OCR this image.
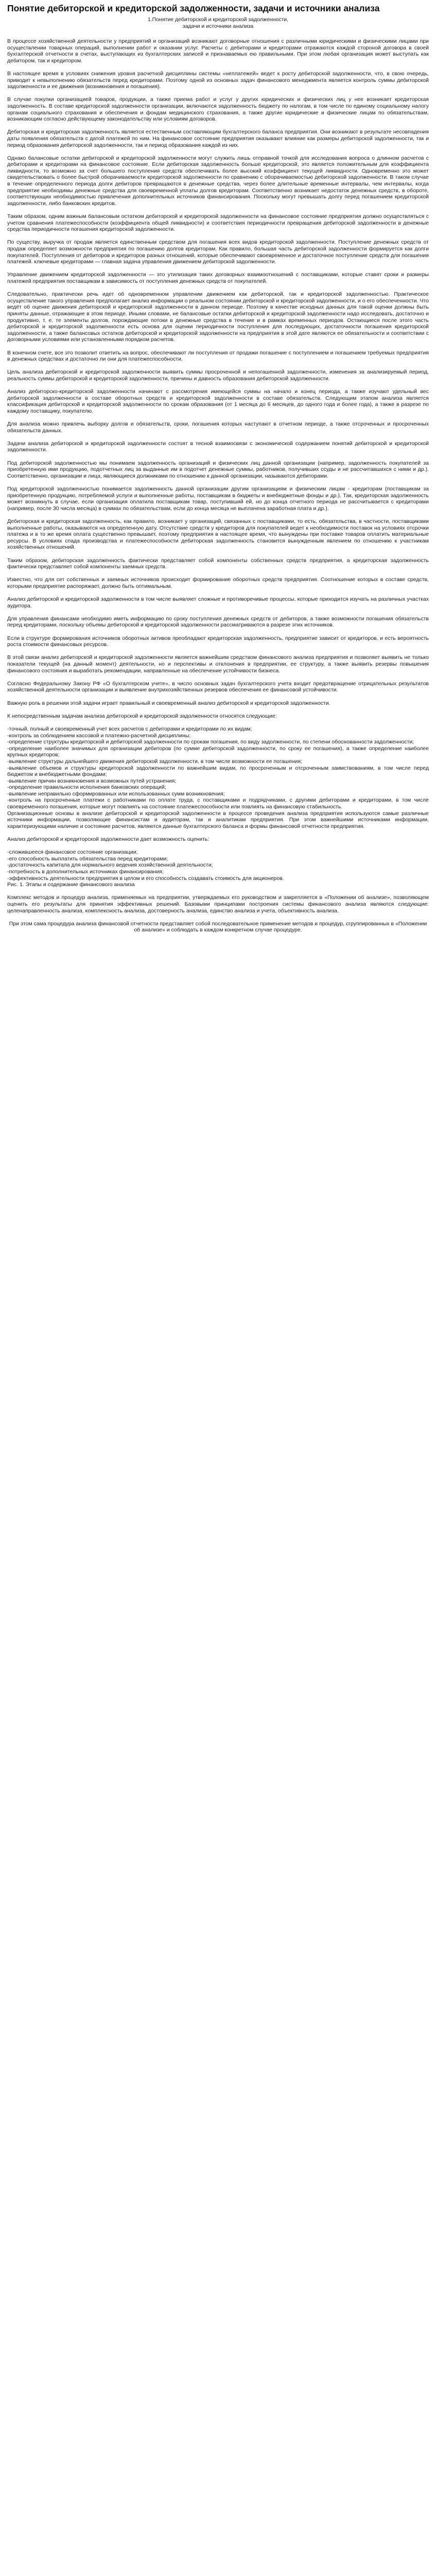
Понятие дебиторской и кредиторской задолженности, задачи и источники анализа
1.Понятие дебиторской и кредиторской задолженности,
задачи и источники анализа

В процессе хозяйственной деятельности у предприятий и организаций возникают договорные отношения с различными юридическими и физическими лицами при осуществлении товарных операций, выполнении работ и оказании услуг. Расчеты с дебиторами и кредиторами отражаются каждой стороной договора в своей бухгалтерской отчетности в счетах, выступающих из бухгалтерских записей и признаваемых ею правильными. При этом любая организация может выступать как дебитором, так и кредитором.

В настоящее время в условиях снижения уровня расчетной дисциплины системы «неплатежей» ведет к росту дебиторской задолженности, что, в свою очередь, приводит к невыполнению обязательств перед кредиторами. Поэтому одной из основных задач финансового менеджмента является контроль суммы дебиторской задолженности и ее движения (возникновения и погашения).

В случае покупки организацией товаров, продукции, а также приема работ и услуг у других юридических и физических лиц у нее возникает кредиторская задолженность. В составе кредиторской задолженности организации, включаются задолженность бюджету по налогам, в том числе по единому социальному налогу органам социального страхования и обеспечения и фондам медицинского страхования, а также другие юридические и физические лицам по обязательствам, возникающим согласно действующему законодательству или условиям договоров.

Дебиторская и кредиторская задолженность является естественным составляющим бухгалтерского баланса предприятия. Они возникают в результате несовпадения даты появления обязательств с датой платежей по ним. На финансовое состояние предприятия оказывают влияние как размеры дебиторской задолженности, так и период образования дебиторской задолженности, так и период образования каждой из них.

Однако балансовые остатки дебиторской и кредиторской задолженности могут служить лишь отправной точкой для исследования вопроса о длинном расчетов с дебиторами и кредиторами на финансовое состояние. Если дебиторская задолженность больше кредиторской, это является положительным для коэффициента ликвидности, то возможно за счет большего поступления средств обеспечивать более высокий коэффициент текущей ликвидности. Одновременно это может свидетельствовать о более быстрой оборачиваемости кредиторской задолженности по сравнению с оборачиваемостью дебиторской задолженности. В таком случае в течение определенного периода долги дебиторов превращаются в денежные средства, через более длительные временные интервалы, чем интервалы, когда предприятие необходимы денежные средства для своевременной уплаты долгов кредиторам. Соответственно возникает недостаток денежных средств, в обороте, соответствующих необходимостью привлечения дополнительных источников финансирования. Поскольку могут превышать долгу перед погашением кредиторской задолженности, либо банковских кредитов.

Таким образом, одним важным балансовым остатком дебиторской и кредиторской задолженности на финансовое состояние предприятия должно осуществляться с учетом сравнения платежеспособности (коэффициента общей ликвидности) и соответствия периодичности превращения дебиторской задолженности в денежные средства периодичности погашения кредиторской задолженности.

По существу, выручка от продаж является единственным средством для погашения всех видов кредиторской задолженности. Поступление денежных средств от продаж определяет возможности предприятия по погашению долгов кредиторам. Как правило, большая часть дебиторской задолженности формируется как долги покупателей. Поступления от дебиторов и кредиторов разных отношений, которые обеспечивают своевременное и достаточное поступление средств для погашения платежей. ключевые кредиторами — главная задача управления движением дебиторской задолженности.

Управление движением кредиторской задолженности — это утилизация таких договорных взаимоотношений с поставщиками, которые ставят сроки и размеры платежей предприятия поставщикам в зависимость от поступления денежных средств от покупателей.

Следовательно, практически речь идет об одновременном управлении движением как дебиторской, так и кредиторской задолженностью. Практическое осуществление такого управления предполагает анализ информации о реальном состоянии дебиторской и кредиторской задолженности, и о его обеспеченности. Что ведёт об оценке движения дебиторской и кредиторской задолженности в данном периоде. Поэтому в качестве исходных данных для такой оценки должны быть приняты данные, отражающие в этом периоде. Иными словами, не балансовые остатки дебиторской и кредиторской задолженности надо исследовать, достаточно и продуктивно, т. е. те элементы долгов, порождающие потоки в денежные средства в течение и в рамках временных периодов. Остающиеся после этого часть дебиторской и кредиторской задолженности есть основа для оценки периодичности поступления для последующих, достаточности погашения кредиторской задолженности, а также балансовых остатков дебиторской и кредиторской задолженности на предприятия в этой дате являются ее обязательности и соответствии с договорными условиями или установленными порядком расчетов.

В конечном счете, все это позволит ответить на вопрос, обеспечивают ли поступления от продажи погашение с поступлением и погашением требуемых предприятия в денежных средствах и достаточно ли они для платежеспособности.

Цель анализа дебиторской и кредиторской задолженности выявить суммы просроченной и непогашенной задолженности, изменения за анализируемый период, реальность суммы дебиторской и кредиторской задолженности, причины и давность образования дебиторской задолженности.

Анализ дебиторско-кредиторской задолженности начинают с рассмотрения имеющейся суммы на начало и конец периода, а также изучают удельный вес дебиторской задолженности в составе оборотных средств и кредиторской задолженности в составе обязательств. Следующим этапом анализа является классификация дебиторской и кредиторской задолженности по срокам образования (от 1 месяца до 6 месяцев, до одного года и более года), а также в разрезе по каждому поставщику, покупателю.

Для анализа можно привлечь выборку долгов и обязательств, сроки, погашения которых наступают в отчетном периоде, а также отсроченных и просроченных обязательств данных.

Задачи анализа дебиторской и кредиторской задолженности состоят в тесной взаимосвязи с экономической содержанием понятий дебиторской и кредиторской задолженности.

Под дебиторской задолженностью мы понимаем задолженность организаций и физических лиц данной организации (например, задолженность покупателей за приобретенную ими продукцию, подотчетных лиц за выданные им в подотчет денежные суммы, работников, получивших ссуды и не рассчитавшихся с ними и др.). Соответственно, организации и лица, являющиеся должниками по отношению к данной организации, называются дебиторами.

Под кредиторской задолженностью понимается задолженность данной организации другим организациям и физическим лицам - кредиторам (поставщикам за приобретенную продукцию, потребляемой услуги и выполненные работы, поставщикам в бюджеты и внебюджетные фонды и др.). Так, кредиторская задолженность может возникнуть в случае, если организация оплатила поставщикам товар, поступивший ей, но до конца отчетного периода не рассчитывается с кредиторами (например, после 30 числа месяца) в суммах по обязательствам, если до конца месяца не выплачена заработная плата и др.).

Дебиторская и кредиторская задолженность, как правило, возникает у организаций, связанных с поставщиками, то есть, обязательства, в частности, поставщиками выполненные работы, оказываются на определенную дату. Отсутствие средств у кредиторов для покупателей ведет к необходимости поставок на условиях отсрочки платежа и в то же время оплата существенно превышает, поэтому предприятия в настоящее время, что вынуждены при поставке товаров оплатить материальные ресурсы. В условиях спада производства и платежеспособности дебиторская задолженность становится вынужденным явлением по отношению к участникам хозяйственных отношений.

Таким образом, дебиторская задолженность фактически представляет собой компоненты собственных средств предприятия, а кредиторская задолженность фактически представляет собой компоненты заемных средств.

Известно, что для сет собственных и заемных источников происходит формирование оборотных средств предприятия. Соотношение которых в составе средств, которыми предприятие распоряжает, должно быть оптимальным.

Анализ дебиторской и кредиторской задолженности в том числе выявляет сложные и противоречивые процессы, которые приходится изучать на различных участках аудитора.

Для управления финансами необходимо иметь информацию по сроку поступления денежных средств от дебиторов, а также возможности погашения обязательств перед кредиторами, поскольку объемы дебиторской и кредиторской задолженности рассматриваются в разрезе этих источников.

Если в структуре формирования источников оборотных активов преобладают кредиторская задолженность, предприятие зависит от кредиторов, и есть вероятность роста стоимости финансовых ресурсов.

В этой связи анализ дебиторской и кредиторской задолженности является важнейшим средством финансового анализа предприятия и позволяет выявить не только показатели текущей (на данный момент) деятельности, но и перспективы и отклонения в предприятии, ее структуру, а также выявить резервы повышения финансового состояния и выработать рекомендации, направленные на обеспечение устойчивости бизнеса.

Согласно Федеральному Закону РФ «О бухгалтерском учете», в число основных задач бухгалтерского учета входит предотвращение отрицательных результатов хозяйственной деятельности организации и выявление внутрихозяйственных резервов обеспечения ее финансовой устойчивости.

Важную роль в решении этой задачи играет правильный и своевременный анализ дебиторской и кредиторской задолженности.

К непосредственным задачам анализа дебиторской и кредиторской задолженности относятся следующие:

-точный, полный и своевременный учет всех расчетов с дебиторами и кредиторами по их видам;

-контроль за соблюдением кассовой и платежно-расчетной дисциплины;

-определение структуры кредиторской и дебиторской задолженности по срокам погашения, по виду задолженности, по степени обоснованности задолженности;

-определение наиболее значимых для организации дебиторов (по сумме дебиторской задолженности, по сроку ее погашения), а также определение наиболее крупных кредиторов;

-выявление структуры дальнейшего движения дебиторской задолженности, в том числе возможности ее погашения;

-выявление объемов и структуры кредиторской задолженности по важнейшим видам, по просроченным и отсроченным заимствованиям, в том числе перед бюджетом и внебюджетными фондами;

-выявление причин возникновения и возможных путей устранения;

-определение правильности исполнения банковских операций;

-выявление неправильно сформированных или использованных сумм возникновения;

-контроль на просроченные платежи с работниками по оплате труда, с поставщиками и подрядчиками, с другими дебиторами и кредиторами, в том числе своевременного погашения, которые могут повлиять на состояние платежеспособности или повлиять на финансовую стабильность.

Организационные основы в анализе дебиторской и кредиторской задолженности в процессе проведения анализа предприятия используются самые различные источники информации, позволяющие финансистам и аудиторам, так и аналитикам предприятия. При этом важнейшими источниками информации, характеризующими наличие и состояние расчетов, являются данные бухгалтерского баланса и формы финансовой отчетности предприятия.

Анализ дебиторской и кредиторской задолженности дает возможность оценить:

-сложившееся финансовое состояние организации;

-его способность выплатить обязательства перед кредиторами;

-достаточность капитала для нормального ведения хозяйственной деятельности;

-потребность в дополнительных источниках финансирования;

-эффективность деятельности предприятия в целом и его способность создавать стоимость для акционеров.

Рис. 1. Этапы и содержание финансового анализа

Комплекс методов и процедур анализа, применяемых на предприятии, утверждаемых его руководством и закрепляется в «Положении об анализе», позволяющем оценить его результаты для принятия эффективных решений. Базовыми принципами построения системы финансового анализа являются следующие: целенаправленность анализа, комплексность анализа, достоверность анализа, единство анализа и учета, объективность анализа.

При этом сама процедура анализа финансовой отчетности представляет собой последовательное применение методов и процедур, сгруппированных в «Положении об анализе» и соблюдать в каждом конкретном случае процедуре.
